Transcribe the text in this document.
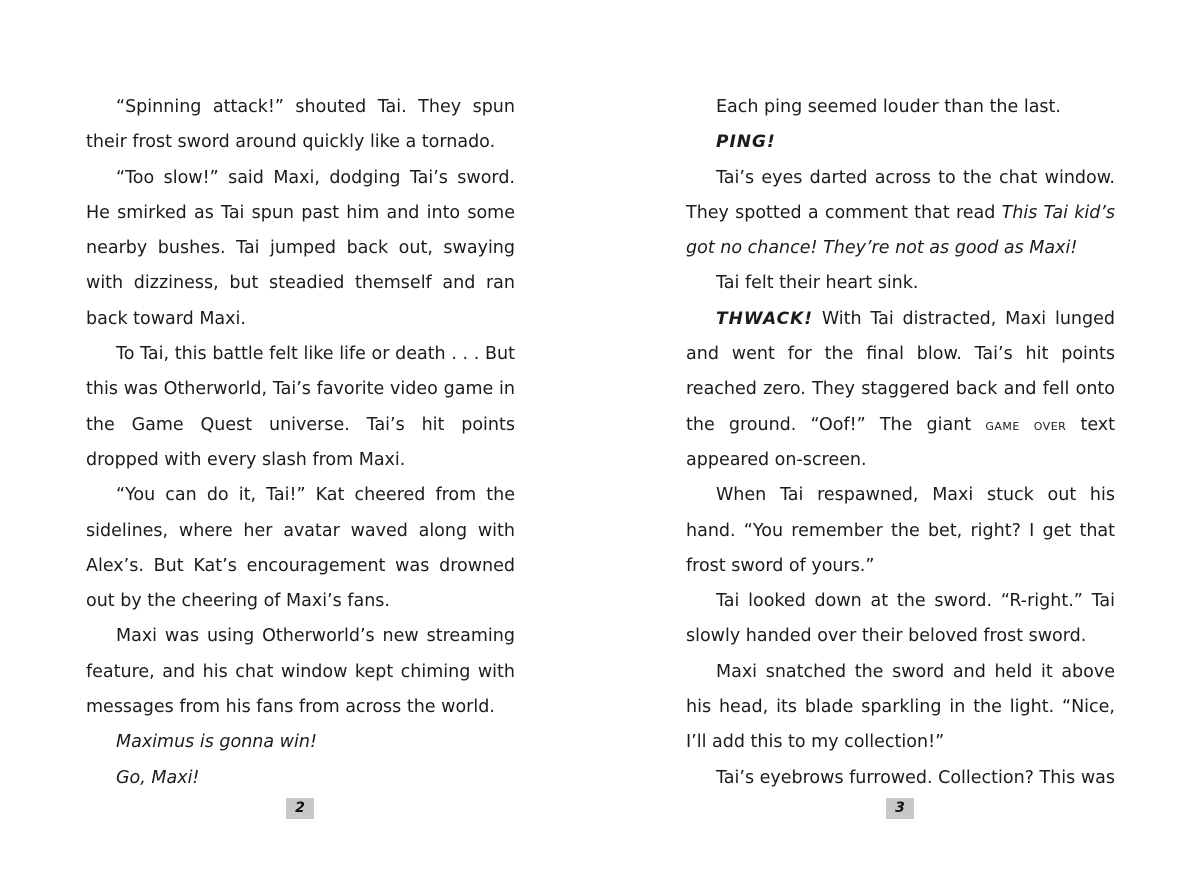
“Spinning attack!” shouted Tai. They spun their frost sword around quickly like a tornado.

“Too slow!” said Maxi, dodging Tai’s sword. He smirked as Tai spun past him and into some nearby bushes. Tai jumped back out, swaying with dizziness, but steadied themself and ran back toward Maxi.

To Tai, this battle felt like life or death . . . But this was Otherworld, Tai’s favorite video game in the Game Quest universe. Tai’s hit points dropped with every slash from Maxi.

“You can do it, Tai!” Kat cheered from the sidelines, where her avatar waved along with Alex’s. But Kat’s encouragement was drowned out by the cheering of Maxi’s fans.

Maxi was using Otherworld’s new streaming feature, and his chat window kept chiming with messages from his fans from across the world.

Maximus is gonna win!

Go, Maxi!

Each ping seemed louder than the last.

PING!

Tai’s eyes darted across to the chat window. They spotted a comment that read This Tai kid’s got no chance! They’re not as good as Maxi!

Tai felt their heart sink.

THWACK! With Tai distracted, Maxi lunged and went for the final blow. Tai’s hit points reached zero. They staggered back and fell onto the ground. “Oof!” The giant game over text appeared on-screen.

When Tai respawned, Maxi stuck out his hand. “You remember the bet, right? I get that frost sword of yours.”

Tai looked down at the sword. “R-right.” Tai slowly handed over their beloved frost sword.

Maxi snatched the sword and held it above his head, its blade sparkling in the light. “Nice, I’ll add this to my collection!”

Tai’s eyebrows furrowed. Collection? This was

2	3
